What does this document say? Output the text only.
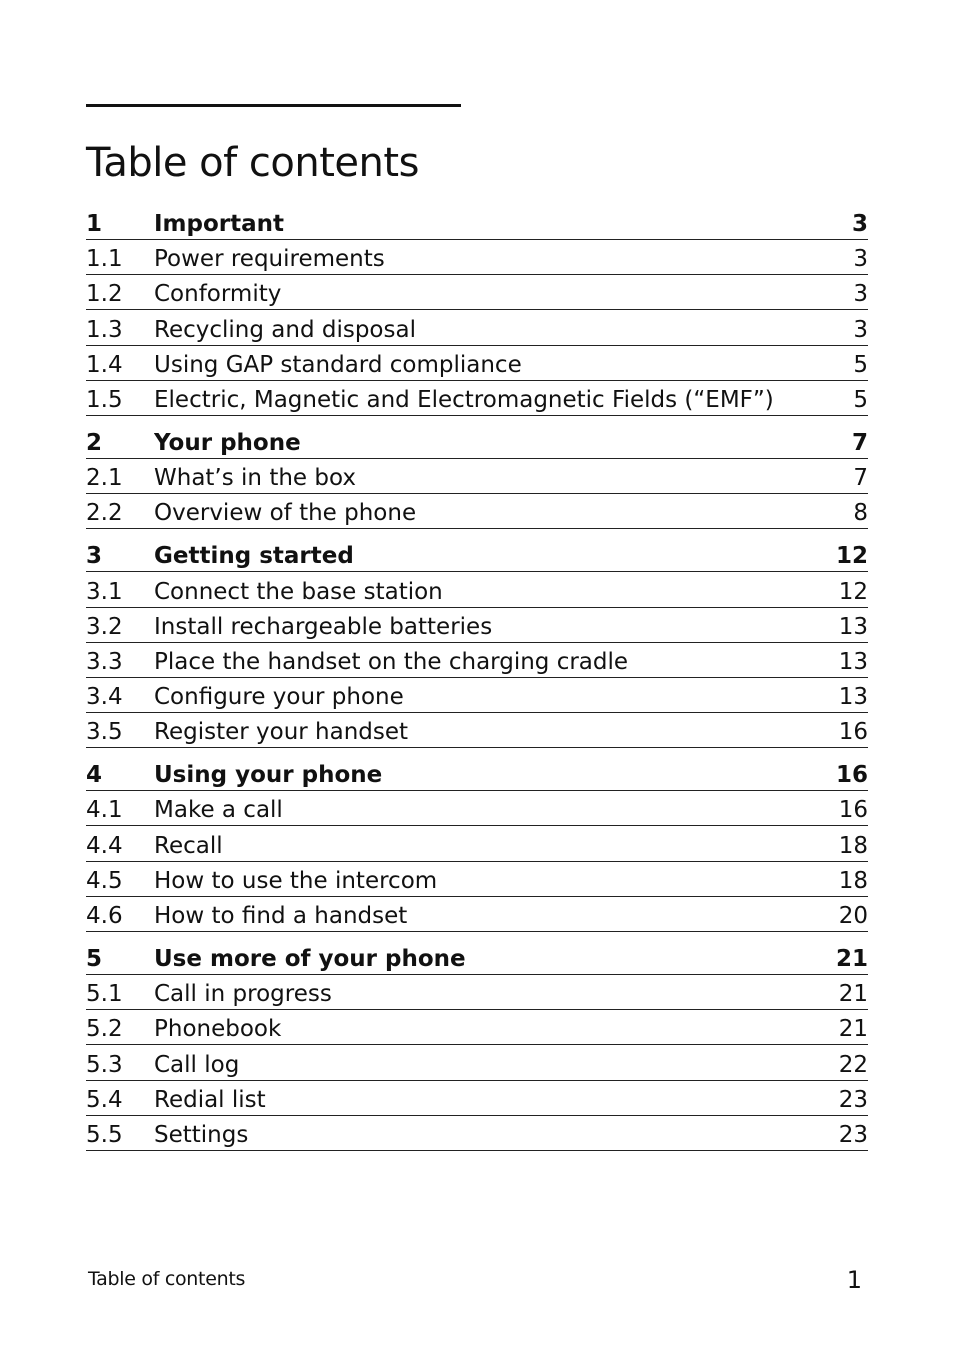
Table of contents
1	Important	3
1.1	Power requirements	3
1.2	Conformity	3
1.3	Recycling and disposal	3
1.4	Using GAP standard compliance	5
1.5	Electric, Magnetic and Electromagnetic Fields (“EMF”)	5
2	Your phone	7
2.1	What’s in the box	7
2.2	Overview of the phone	8
3	Getting started	12
3.1	Connect the base station	12
3.2	Install rechargeable batteries	13
3.3	Place the handset on the charging cradle	13
3.4	Configure your phone	13
3.5	Register your handset	16
4	Using your phone	16
4.1	Make a call	16
4.4	Recall	18
4.5	How to use the intercom	18
4.6	How to find a handset	20
5	Use more of your phone	21
5.1	Call in progress	21
5.2	Phonebook	21
5.3	Call log	22
5.4	Redial list	23
5.5	Settings	23
Table of contents	1
